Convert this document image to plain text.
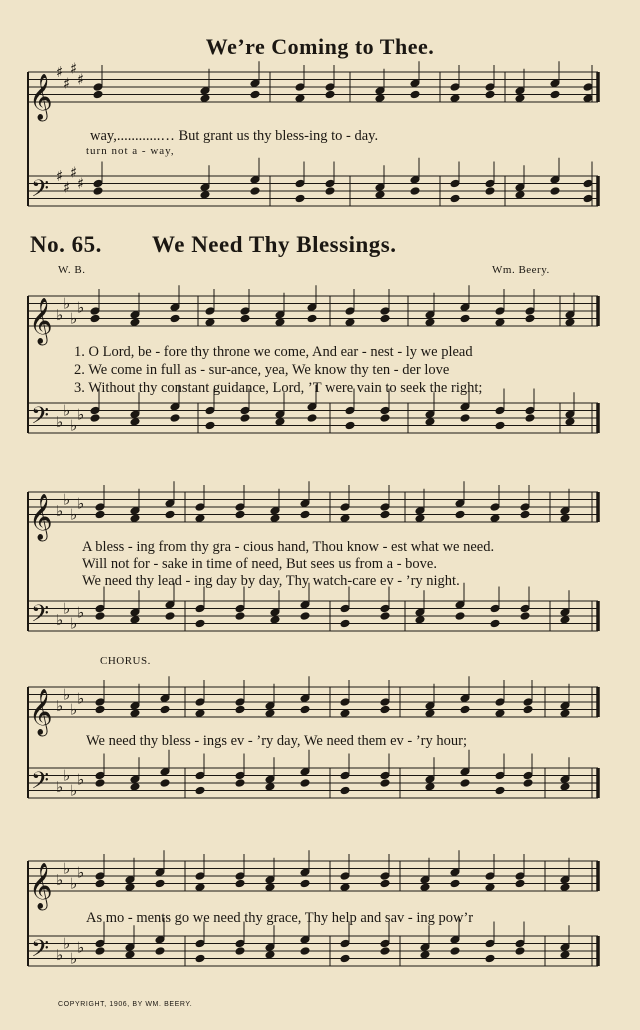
𝄞
♯
♯
♯
♯
𝄢 ♯
♯
♯
♯
𝄞 ♭
♭
♭
♭
𝄢 ♭
♭
♭
♭
𝄞 ♭
♭
♭
♭
𝄢 ♭
♭
♭
♭
𝄞 ♭
♭
♭
♭
𝄢 ♭
♭
♭
♭
𝄞 ♭
♭
♭
♭
𝄢 ♭
♭
♭
♭
We’re Coming to Thee.
way,............… But grant us thy bless-ing to - day.
turn not a - way,
No. 65. We Need Thy Blessings.
W. B.	Wm. Beery.
1. O Lord, be - fore thy throne we come, And ear - nest - ly we plead
2. We come in full as - sur-ance, yea, We know thy ten - der love
3. Without thy constant guidance, Lord, ’T were vain to seek the right;
A bless - ing from thy gra - cious hand, Thou know - est what we need.
Will not for - sake in time of need, But sees us from a - bove.
We need thy lead - ing day by day, Thy watch-care ev - ’ry night.
CHORUS.
We need thy bless - ings ev - ’ry day, We need them ev - ’ry hour;
As mo - ments go we need thy grace, Thy help and sav - ing pow’r
COPYRIGHT, 1906, BY WM. BEERY.
